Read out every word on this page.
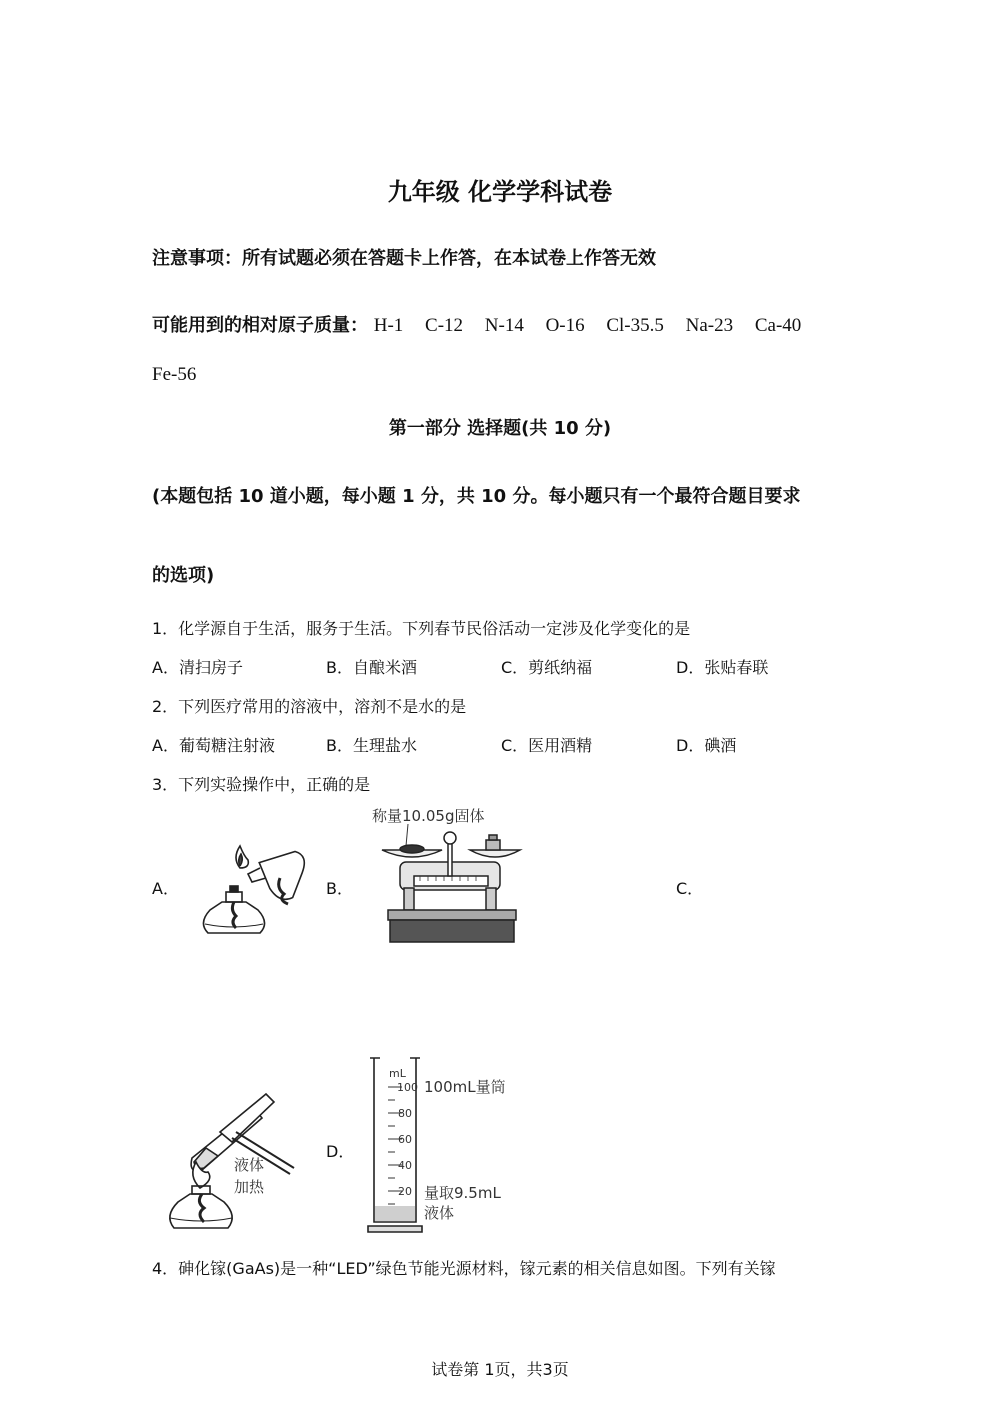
九年级 化学学科试卷
注意事项：所有试题必须在答题卡上作答，在本试卷上作答无效
可能用到的相对原子质量： H-1 C-12 N-14 O-16 Cl-35.5 Na-23 Ca-40
Fe-56
第一部分 选择题(共 10 分)
(本题包括 10 道小题，每小题 1 分，共 10 分。每小题只有一个最符合题目要求
的选项)
1．化学源自于生活，服务于生活。下列春节民俗活动一定涉及化学变化的是
A．清扫房子	B．自酿米酒	C．剪纸纳福	D．张贴春联
2．下列医疗常用的溶液中，溶剂不是水的是
A．葡萄糖注射液	B．生理盐水	C．医用酒精	D．碘酒
3．下列实验操作中，正确的是
A．	B．	C．
D．
称量10.05g固体
液体
加热
mL
100
80
60
40
20
100mL量筒
量取9.5mL
液体
4．砷化镓(GaAs)是一种“LED”绿色节能光源材料，镓元素的相关信息如图。下列有关镓
试卷第 1页，共3页
